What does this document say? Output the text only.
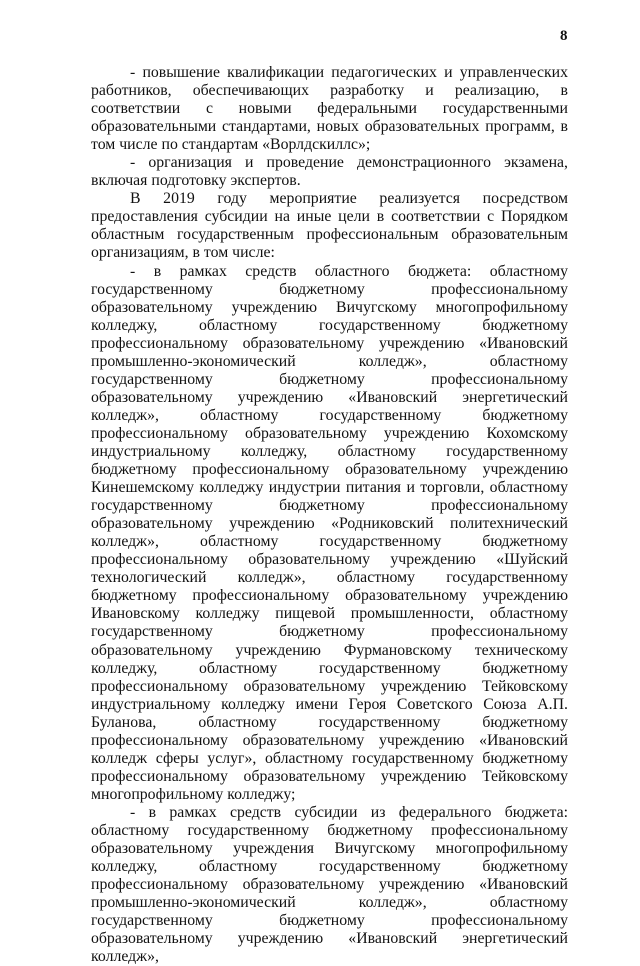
8

- повышение квалификации педагогических и управленческих работников, обеспечивающих разработку и реализацию, в соответствии с новыми федеральными государственными образовательными стандартами, новых образовательных программ, в том числе по стандартам «Ворлдскиллс»;

- организация и проведение демонстрационного экзамена, включая подготовку экспертов.

В 2019 году мероприятие реализуется посредством предоставления субсидии на иные цели в соответствии с Порядком областным государственным профессиональным образовательным организациям, в том числе:

- в рамках средств областного бюджета: областному государственному бюджетному профессиональному образовательному учреждению Вичугскому многопрофильному колледжу, областному государственному бюджетному профессиональному образовательному учреждению «Ивановский промышленно-экономический колледж», областному государственному бюджетному профессиональному образовательному учреждению «Ивановский энергетический колледж», областному государственному бюджетному профессиональному образовательному учреждению Кохомскому индустриальному колледжу, областному государственному бюджетному профессиональному образовательному учреждению Кинешемскому колледжу индустрии питания и торговли, областному государственному бюджетному профессиональному образовательному учреждению «Родниковский политехнический колледж», областному государственному бюджетному профессиональному образовательному учреждению «Шуйский технологический колледж», областному государственному бюджетному профессиональному образовательному учреждению Ивановскому колледжу пищевой промышленности, областному государственному бюджетному профессиональному образовательному учреждению Фурмановскому техническому колледжу, областному государственному бюджетному профессиональному образовательному учреждению Тейковскому индустриальному колледжу имени Героя Советского Союза А.П. Буланова, областному государственному бюджетному профессиональному образовательному учреждению «Ивановский колледж сферы услуг», областному государственному бюджетному профессиональному образовательному учреждению Тейковскому многопрофильному колледжу;

- в рамках средств субсидии из федерального бюджета: областному государственному бюджетному профессиональному образовательному учреждения Вичугскому многопрофильному колледжу, областному государственному бюджетному профессиональному образовательному учреждению «Ивановский промышленно-экономический колледж», областному государственному бюджетному профессиональному образовательному учреждению «Ивановский энергетический колледж»,
